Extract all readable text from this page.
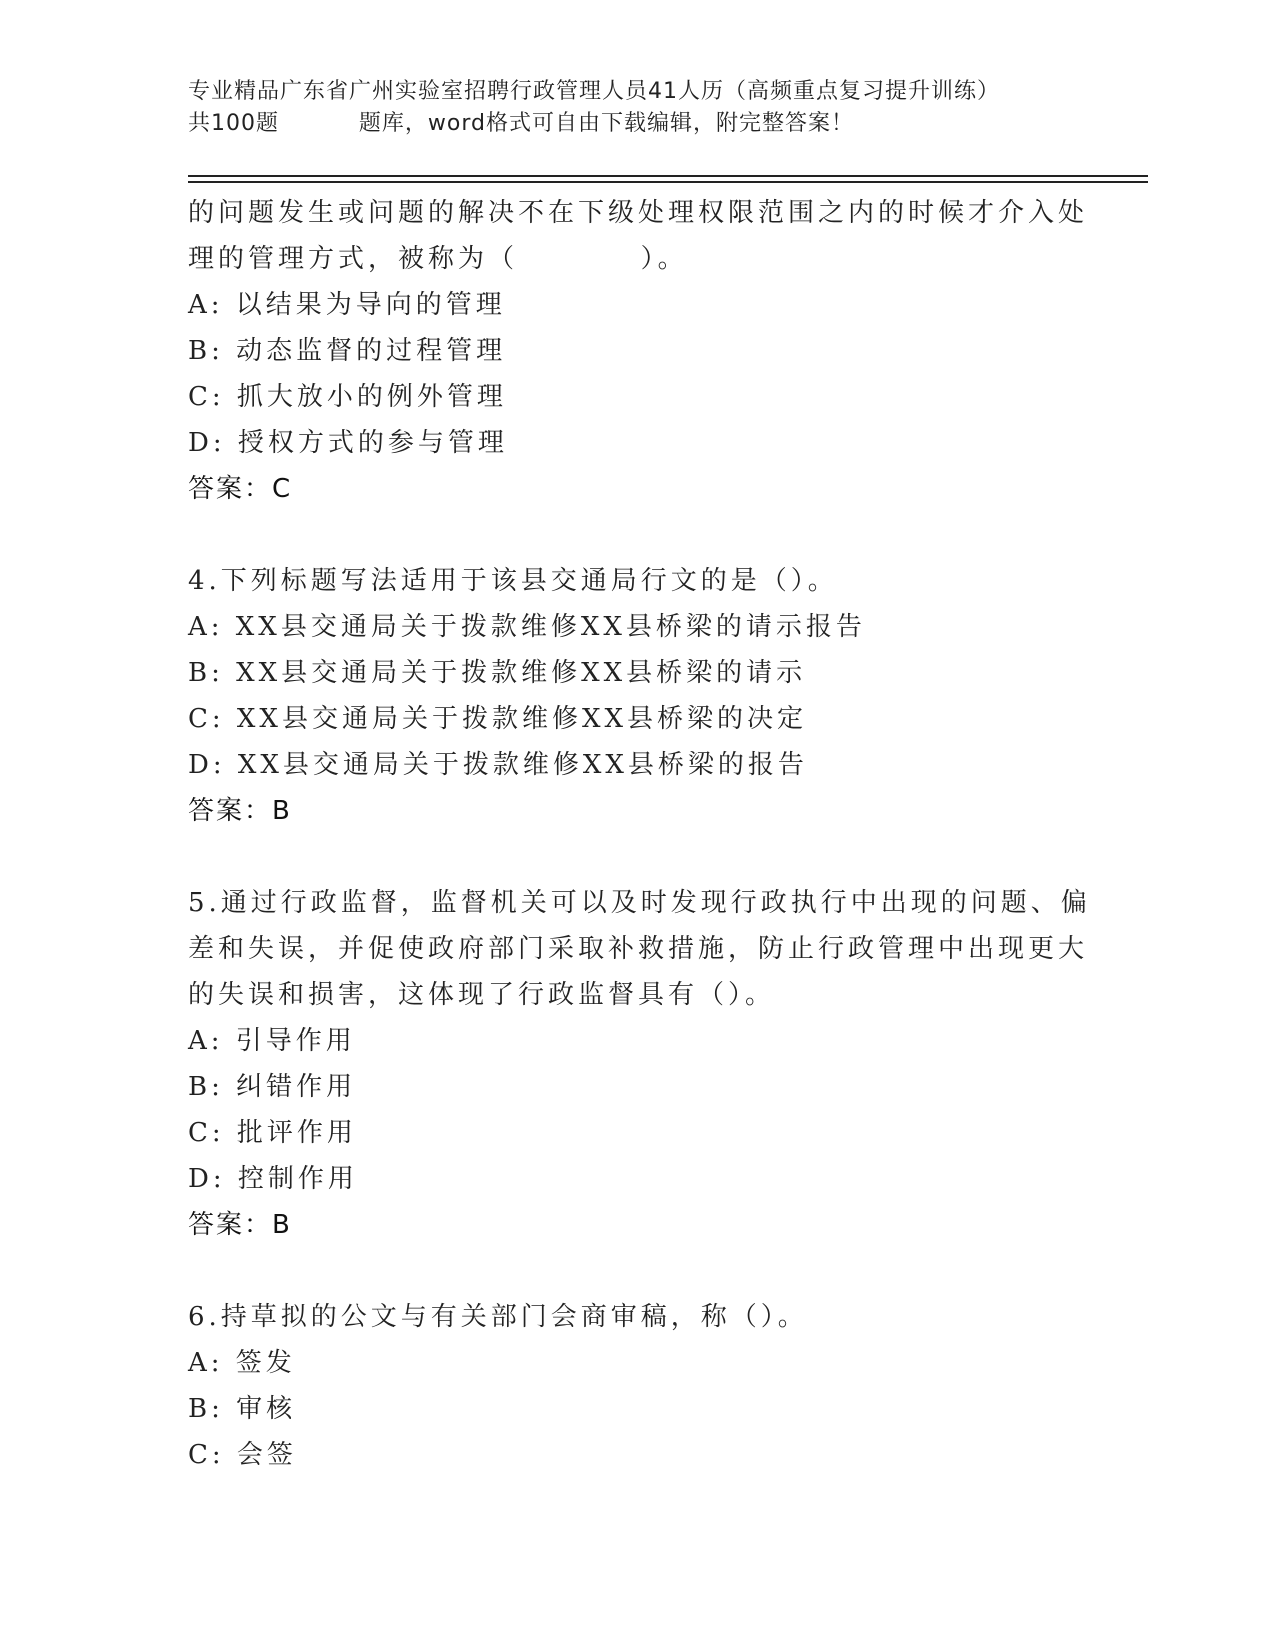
专业精品广东省广州实验室招聘行政管理人员41人历（高频重点复习提升训练）
共100题          题库，word格式可自由下载编辑，附完整答案！
的问题发生或问题的解决不在下级处理权限范围之内的时候才介入处
理的管理方式，被称为（          ）。
A: 以结果为导向的管理
B: 动态监督的过程管理
C: 抓大放小的例外管理
D: 授权方式的参与管理
答案：C
4.下列标题写法适用于该县交通局行文的是（）。
A: XX县交通局关于拨款维修XX县桥梁的请示报告
B: XX县交通局关于拨款维修XX县桥梁的请示
C: XX县交通局关于拨款维修XX县桥梁的决定
D: XX县交通局关于拨款维修XX县桥梁的报告
答案：B
5.通过行政监督，监督机关可以及时发现行政执行中出现的问题、偏
差和失误，并促使政府部门采取补救措施，防止行政管理中出现更大
的失误和损害，这体现了行政监督具有（）。
A: 引导作用
B: 纠错作用
C: 批评作用
D: 控制作用
答案：B
6.持草拟的公文与有关部门会商审稿，称（）。
A: 签发
B: 审核
C: 会签
